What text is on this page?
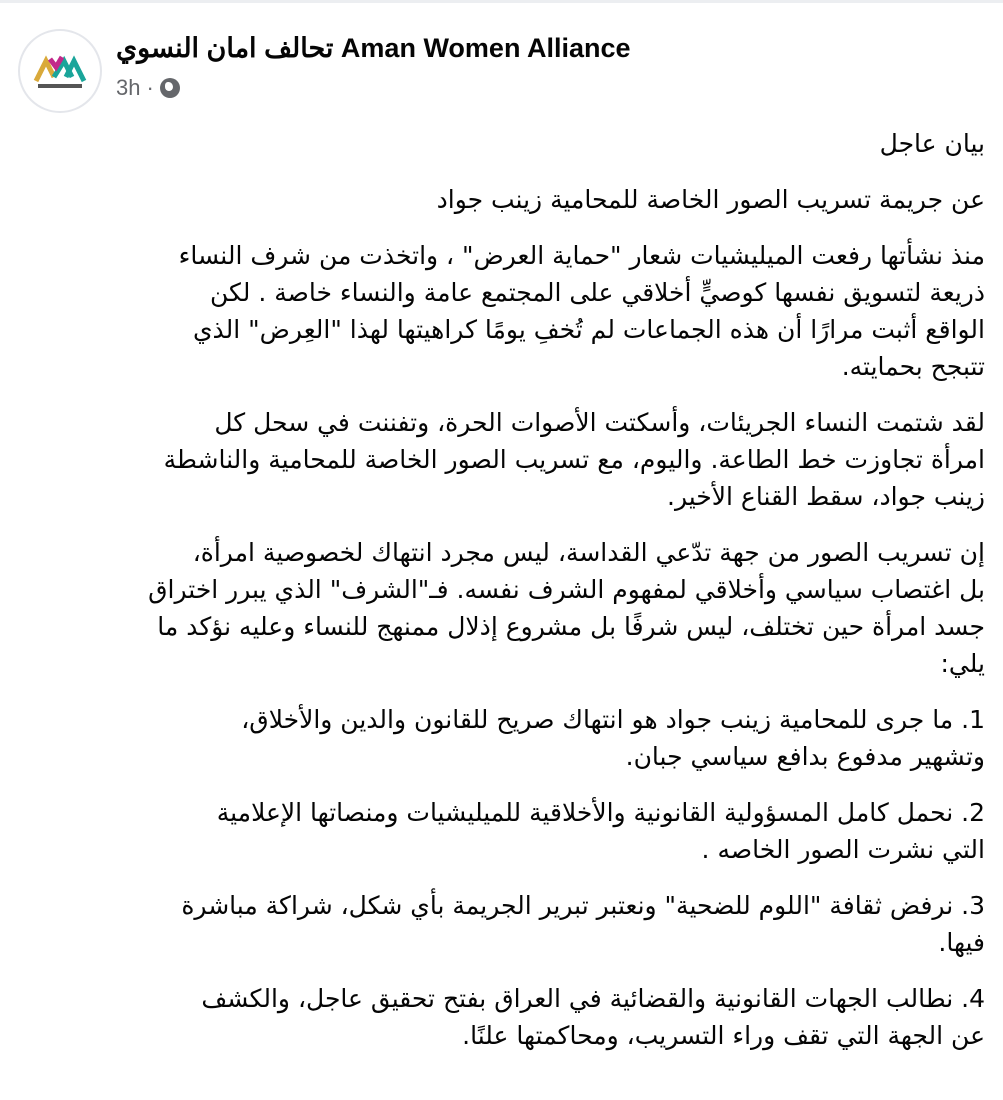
تحالف امان النسوي Aman Women Alliance
3h ·
بيان عاجل
عن جريمة تسريب الصور الخاصة للمحامية زينب جواد
منذ نشأتها رفعت الميليشيات شعار "حماية العرض" ، واتخذت من شرف النساء
ذريعة لتسويق نفسها كوصيٍّ أخلاقي على المجتمع عامة والنساء خاصة . لكن
الواقع أثبت مرارًا أن هذه الجماعات لم تُخفِ يومًا كراهيتها لهذا "العِرض" الذي
تتبجح بحمايته.
لقد شتمت النساء الجريئات، وأسكتت الأصوات الحرة، وتفننت في سحل كل
امرأة تجاوزت خط الطاعة. واليوم، مع تسريب الصور الخاصة للمحامية والناشطة
زينب جواد، سقط القناع الأخير.
إن تسريب الصور من جهة تدّعي القداسة، ليس مجرد انتهاك لخصوصية امرأة،
بل اغتصاب سياسي وأخلاقي لمفهوم الشرف نفسه. فـ"الشرف" الذي يبرر اختراق
جسد امرأة حين تختلف، ليس شرفًا بل مشروع إذلال ممنهج للنساء وعليه نؤكد ما
يلي:
1. ما جرى للمحامية زينب جواد هو انتهاك صريح للقانون والدين والأخلاق،
وتشهير مدفوع بدافع سياسي جبان.
2. نحمل كامل المسؤولية القانونية والأخلاقية للميليشيات ومنصاتها الإعلامية
التي نشرت الصور الخاصه .
3. نرفض ثقافة "اللوم للضحية" ونعتبر تبرير الجريمة بأي شكل، شراكة مباشرة
فيها.
4. نطالب الجهات القانونية والقضائية في العراق بفتح تحقيق عاجل، والكشف
عن الجهة التي تقف وراء التسريب، ومحاكمتها علنًا.
